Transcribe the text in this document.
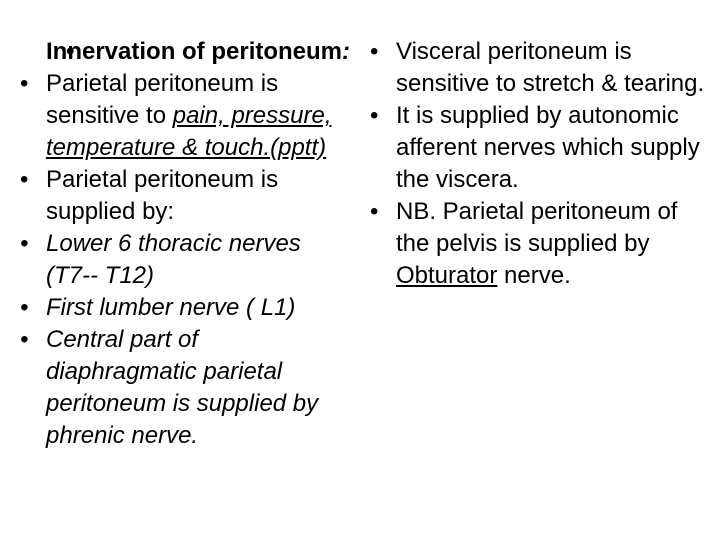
• Innervation of peritoneum:
• Parietal peritoneum is sensitive to pain, pressure, temperature & touch.(pptt)
• Parietal peritoneum is supplied by:
• Lower 6 thoracic nerves (T7-- T12)
• First lumber nerve ( L1)
• Central part of diaphragmatic parietal peritoneum is supplied by phrenic nerve.
• Visceral peritoneum is sensitive to stretch & tearing.
• It is supplied by autonomic afferent nerves which supply the viscera.
• NB. Parietal peritoneum of the pelvis is supplied by Obturator nerve.
